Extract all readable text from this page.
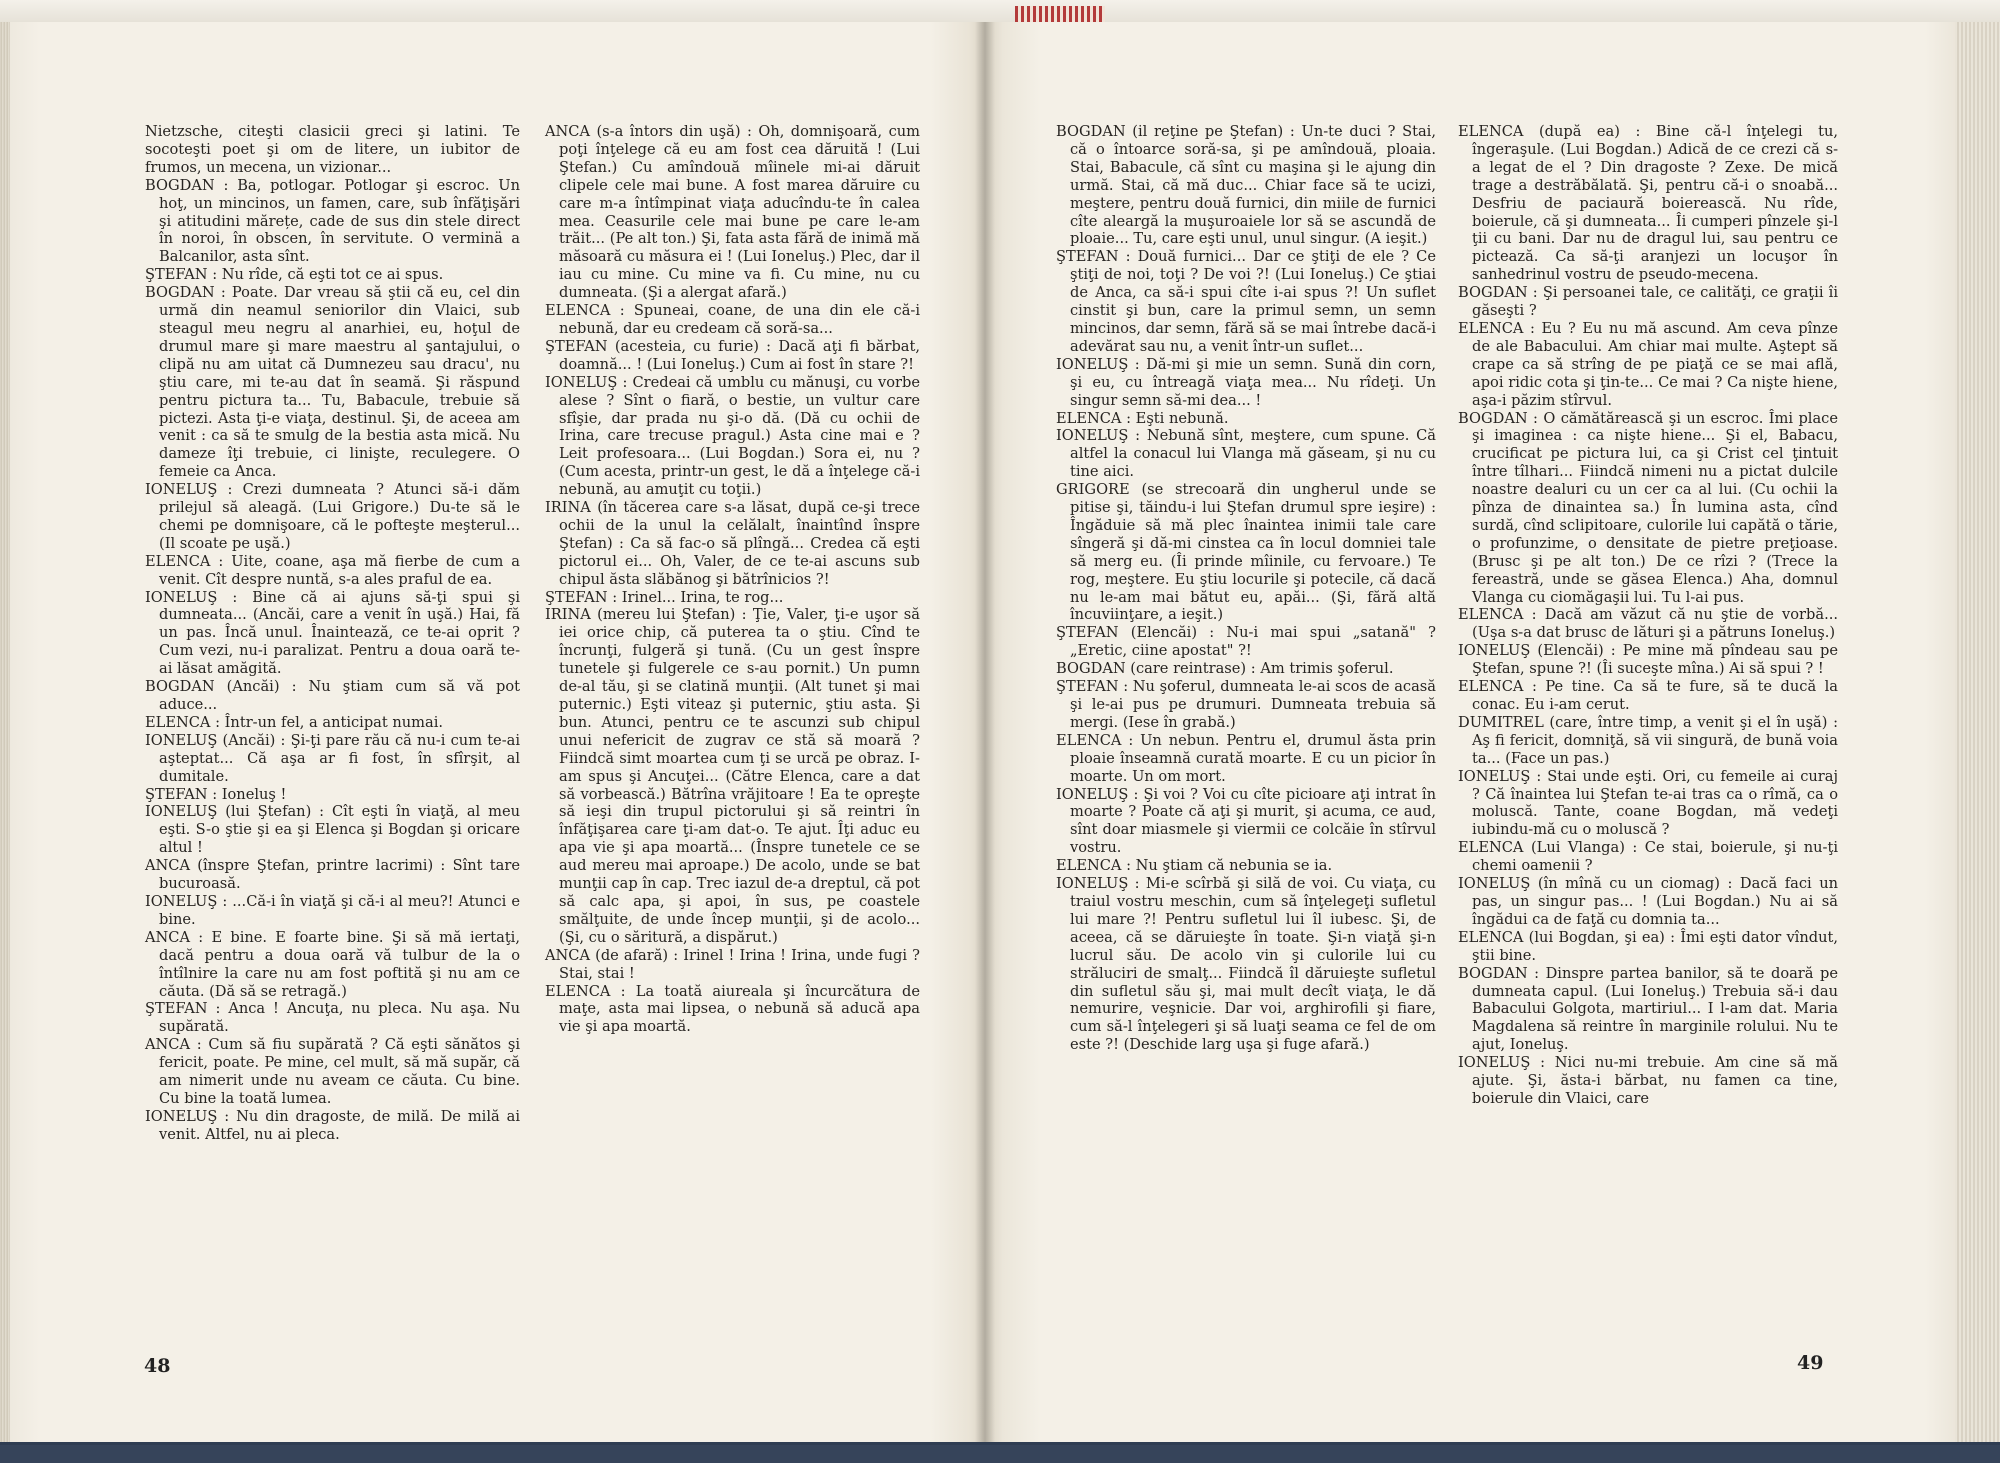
Nietzsche, citeşti clasicii greci şi latini. Te socoteşti poet şi om de litere, un iubitor de frumos, un mecena, un vizionar...

BOGDAN : Ba, potlogar. Potlogar şi escroc. Un hoţ, un mincinos, un famen, care, sub înfăţişări şi atitudini mărețe, cade de sus din stele direct în noroi, în obscen, în servitute. O verminä a Balcanilor, asta sînt.

ŞTEFAN : Nu rîde, că eşti tot ce ai spus.

BOGDAN : Poate. Dar vreau să ştii că eu, cel din urmă din neamul seniorilor din Vlaici, sub steagul meu negru al anarhiei, eu, hoţul de drumul mare şi mare maestru al şantajului, o clipă nu am uitat că Dumnezeu sau dracu', nu ştiu care, mi te-au dat în seamă. Şi răspund pentru pictura ta... Tu, Babacule, trebuie să pictezi. Asta ţi-e viaţa, destinul. Şi, de aceea am venit : ca să te smulg de la bestia asta mică. Nu dameze îţi trebuie, ci linişte, reculegere. O femeie ca Anca.

IONELUŞ : Crezi dumneata ? Atunci să-i dăm prilejul să aleagă. (Lui Grigore.) Du-te să le chemi pe domnişoare, că le pofteşte meşterul... (Il scoate pe uşă.)

ELENCA : Uite, coane, aşa mă fierbe de cum a venit. Cît despre nuntă, s-a ales praful de ea.

IONELUŞ : Bine că ai ajuns să-ţi spui şi dumneata... (Ancăi, care a venit în uşă.) Hai, fă un pas. Încă unul. Înaintează, ce te-ai oprit ? Cum vezi, nu-i paralizat. Pentru a doua oară te-ai lăsat amăgită.

BOGDAN (Ancăi) : Nu ştiam cum să vă pot aduce...

ELENCA : Într-un fel, a anticipat numai.

IONELUŞ (Ancăi) : Şi-ţi pare rău că nu-i cum te-ai aşteptat... Că aşa ar fi fost, în sfîrşit, al dumitale.

ŞTEFAN : Ioneluş !

IONELUŞ (lui Ştefan) : Cît eşti în viaţă, al meu eşti. S-o ştie şi ea şi Elenca şi Bogdan şi oricare altul !

ANCA (înspre Ştefan, printre lacrimi) : Sînt tare bucuroasă.

IONELUŞ : ...Că-i în viaţă şi că-i al meu?! Atunci e bine.

ANCA : E bine. E foarte bine. Şi să mă iertaţi, dacă pentru a doua oară vă tulbur de la o întîlnire la care nu am fost poftită şi nu am ce căuta. (Dă să se retragă.)

ŞTEFAN : Anca ! Ancuţa, nu pleca. Nu aşa. Nu supărată.

ANCA : Cum să fiu supărată ? Că eşti sănătos şi fericit, poate. Pe mine, cel mult, să mă supăr, că am nimerit unde nu aveam ce căuta. Cu bine. Cu bine la toată lumea.

IONELUŞ : Nu din dragoste, de milă. De milă ai venit. Altfel, nu ai pleca.

ANCA (s-a întors din uşă) : Oh, domnişoară, cum poţi înţelege că eu am fost cea dăruită ! (Lui Ştefan.) Cu amîndouă mîinele mi-ai dăruit clipele cele mai bune. A fost marea dăruire cu care m-a întîmpinat viaţa aducîndu-te în calea mea. Ceasurile cele mai bune pe care le-am trăit... (Pe alt ton.) Şi, fata asta fără de inimă mă măsoară cu măsura ei ! (Lui Ioneluş.) Plec, dar il iau cu mine. Cu mine va fi. Cu mine, nu cu dumneata. (Şi a alergat afară.)

ELENCA : Spuneai, coane, de una din ele că-i nebună, dar eu credeam că soră-sa...

ŞTEFAN (acesteia, cu furie) : Dacă aţi fi bărbat, doamnă... ! (Lui Ioneluş.) Cum ai fost în stare ?!

IONELUŞ : Credeai că umblu cu mănuşi, cu vorbe alese ? Sînt o fiară, o bestie, un vultur care sfîşie, dar prada nu şi-o dă. (Dă cu ochii de Irina, care trecuse pragul.) Asta cine mai e ? Leit profesoara... (Lui Bogdan.) Sora ei, nu ? (Cum acesta, printr-un gest, le dă a înţelege că-i nebună, au amuţit cu toţii.)

IRINA (în tăcerea care s-a lăsat, după ce-şi trece ochii de la unul la celălalt, înaintînd înspre Ştefan) : Ca să fac-o să plîngă... Credea că eşti pictorul ei... Oh, Valer, de ce te-ai ascuns sub chipul ăsta slăbănog şi bătrînicios ?!

ŞTEFAN : Irinel... Irina, te rog...

IRINA (mereu lui Ştefan) : Ţie, Valer, ţi-e uşor să iei orice chip, că puterea ta o ştiu. Cînd te încrunţi, fulgeră şi tună. (Cu un gest înspre tunetele şi fulgerele ce s-au pornit.) Un pumn de-al tău, şi se clatină munţii. (Alt tunet şi mai puternic.) Eşti viteaz şi puternic, ştiu asta. Şi bun. Atunci, pentru ce te ascunzi sub chipul unui nefericit de zugrav ce stă să moară ? Fiindcă simt moartea cum ţi se urcă pe obraz. I-am spus şi Ancuţei... (Către Elenca, care a dat să vorbească.) Bătrîna vrăjitoare ! Ea te opreşte să ieşi din trupul pictorului şi să reintri în înfăţişarea care ţi-am dat-o. Te ajut. Îţi aduc eu apa vie şi apa moartă... (Înspre tunetele ce se aud mereu mai aproape.) De acolo, unde se bat munţii cap în cap. Trec iazul de-a dreptul, că pot să calc apa, şi apoi, în sus, pe coastele smălţuite, de unde încep munţii, şi de acolo... (Şi, cu o săritură, a dispărut.)

ANCA (de afară) : Irinel ! Irina ! Irina, unde fugi ? Stai, stai !

ELENCA : La toată aiureala şi încurcătura de maţe, asta mai lipsea, o nebună să aducă apa vie şi apa moartă.

BOGDAN (il reţine pe Ştefan) : Un-te duci ? Stai, că o întoarce soră-sa, şi pe amîndouă, ploaia. Stai, Babacule, că sînt cu maşina şi le ajung din urmă. Stai, că mă duc... Chiar face să te ucizi, meştere, pentru două furnici, din miile de furnici cîte aleargă la muşuroaiele lor să se ascundă de ploaie... Tu, care eşti unul, unul singur. (A ieşit.)

ŞTEFAN : Două furnici... Dar ce ştiţi de ele ? Ce ştiţi de noi, toţi ? De voi ?! (Lui Ioneluş.) Ce ştiai de Anca, ca să-i spui cîte i-ai spus ?! Un suflet cinstit şi bun, care la primul semn, un semn mincinos, dar semn, fără să se mai întrebe dacă-i adevărat sau nu, a venit într-un suflet...

IONELUŞ : Dă-mi şi mie un semn. Sună din corn, şi eu, cu întreagă viaţa mea... Nu rîdeţi. Un singur semn să-mi dea... !

ELENCA : Eşti nebună.

IONELUŞ : Nebună sînt, meştere, cum spune. Că altfel la conacul lui Vlanga mă găseam, şi nu cu tine aici.

GRIGORE (se strecoară din ungherul unde se pitise şi, tăindu-i lui Ştefan drumul spre ieşire) : Îngăduie să mă plec înaintea inimii tale care sîngeră şi dă-mi cinstea ca în locul domniei tale să merg eu. (Îi prinde mîinile, cu fervoare.) Te rog, meştere. Eu ştiu locurile şi potecile, că dacă nu le-am mai bătut eu, apăi... (Şi, fără altă încuviinţare, a ieşit.)

ŞTEFAN (Elencăi) : Nu-i mai spui „satană" ? „Eretic, ciine apostat" ?!

BOGDAN (care reintrase) : Am trimis şoferul.

ŞTEFAN : Nu şoferul, dumneata le-ai scos de acasă şi le-ai pus pe drumuri. Dumneata trebuia să mergi. (Iese în grabă.)

ELENCA : Un nebun. Pentru el, drumul ăsta prin ploaie înseamnă curată moarte. E cu un picior în moarte. Un om mort.

IONELUŞ : Şi voi ? Voi cu cîte picioare aţi intrat în moarte ? Poate că aţi şi murit, şi acuma, ce aud, sînt doar miasmele şi viermii ce colcăie în stîrvul vostru.

ELENCA : Nu ştiam că nebunia se ia.

IONELUŞ : Mi-e scîrbă şi silă de voi. Cu viaţa, cu traiul vostru meschin, cum să înţelegeţi sufletul lui mare ?! Pentru sufletul lui îl iubesc. Şi, de aceea, că se dăruieşte în toate. Şi-n viaţă şi-n lucrul său. De acolo vin şi culorile lui cu străluciri de smalţ... Fiindcă îl dăruieşte sufletul din sufletul său şi, mai mult decît viaţa, le dă nemurire, veşnicie. Dar voi, arghirofili şi fiare, cum să-l înţelegeri şi să luaţi seama ce fel de om este ?! (Deschide larg uşa şi fuge afară.)

ELENCA (după ea) : Bine că-l înţelegi tu, îngeraşule. (Lui Bogdan.) Adică de ce crezi că s-a legat de el ? Din dragoste ? Zexe. De mică trage a destrăbălată. Şi, pentru că-i o snoabă... Desfriu de paciaură boierească. Nu rîde, boierule, că şi dumneata... Îi cumperi pînzele şi-l ţii cu bani. Dar nu de dragul lui, sau pentru ce pictează. Ca să-ţi aranjezi un locuşor în sanhedrinul vostru de pseudo-mecena.

BOGDAN : Şi persoanei tale, ce calităţi, ce graţii îi găseşti ?

ELENCA : Eu ? Eu nu mă ascund. Am ceva pînze de ale Babacului. Am chiar mai multe. Aştept să crape ca să strîng de pe piaţă ce se mai află, apoi ridic cota şi ţin-te... Ce mai ? Ca nişte hiene, aşa-i păzim stîrvul.

BOGDAN : O cămătărească şi un escroc. Îmi place şi imaginea : ca nişte hiene... Şi el, Babacu, crucificat pe pictura lui, ca şi Crist cel ţintuit între tîlhari... Fiindcă nimeni nu a pictat dulcile noastre dealuri cu un cer ca al lui. (Cu ochii la pînza de dinaintea sa.) În lumina asta, cînd surdă, cînd sclipitoare, culorile lui capătă o tărie, o profunzime, o densitate de pietre preţioase. (Brusc şi pe alt ton.) De ce rîzi ? (Trece la fereastră, unde se găsea Elenca.) Aha, domnul Vlanga cu ciomăgaşii lui. Tu l-ai pus.

ELENCA : Dacă am văzut că nu ştie de vorbă... (Uşa s-a dat brusc de lături şi a pătruns Ioneluş.)

IONELUŞ (Elencăi) : Pe mine mă pîndeau sau pe Ştefan, spune ?! (Îi suceşte mîna.) Ai să spui ? !

ELENCA : Pe tine. Ca să te fure, să te ducă la conac. Eu i-am cerut.

DUMITREL (care, între timp, a venit şi el în uşă) : Aş fi fericit, domniţă, să vii singură, de bună voia ta... (Face un pas.)

IONELUŞ : Stai unde eşti. Ori, cu femeile ai curaj ? Că înaintea lui Ştefan te-ai tras ca o rîmă, ca o moluscă. Tante, coane Bogdan, mă vedeţi iubindu-mă cu o moluscă ?

ELENCA (Lui Vlanga) : Ce stai, boierule, şi nu-ţi chemi oamenii ?

IONELUŞ (în mînă cu un ciomag) : Dacă faci un pas, un singur pas... ! (Lui Bogdan.) Nu ai să îngădui ca de faţă cu domnia ta...

ELENCA (lui Bogdan, şi ea) : Îmi eşti dator vîndut, ştii bine.

BOGDAN : Dinspre partea banilor, să te doară pe dumneata capul. (Lui Ioneluş.) Trebuia să-i dau Babacului Golgota, martiriul... I l-am dat. Maria Magdalena să reintre în marginile rolului. Nu te ajut, Ioneluş.

IONELUŞ : Nici nu-mi trebuie. Am cine să mă ajute. Şi, ăsta-i bărbat, nu famen ca tine, boierule din Vlaici, care

48	49
